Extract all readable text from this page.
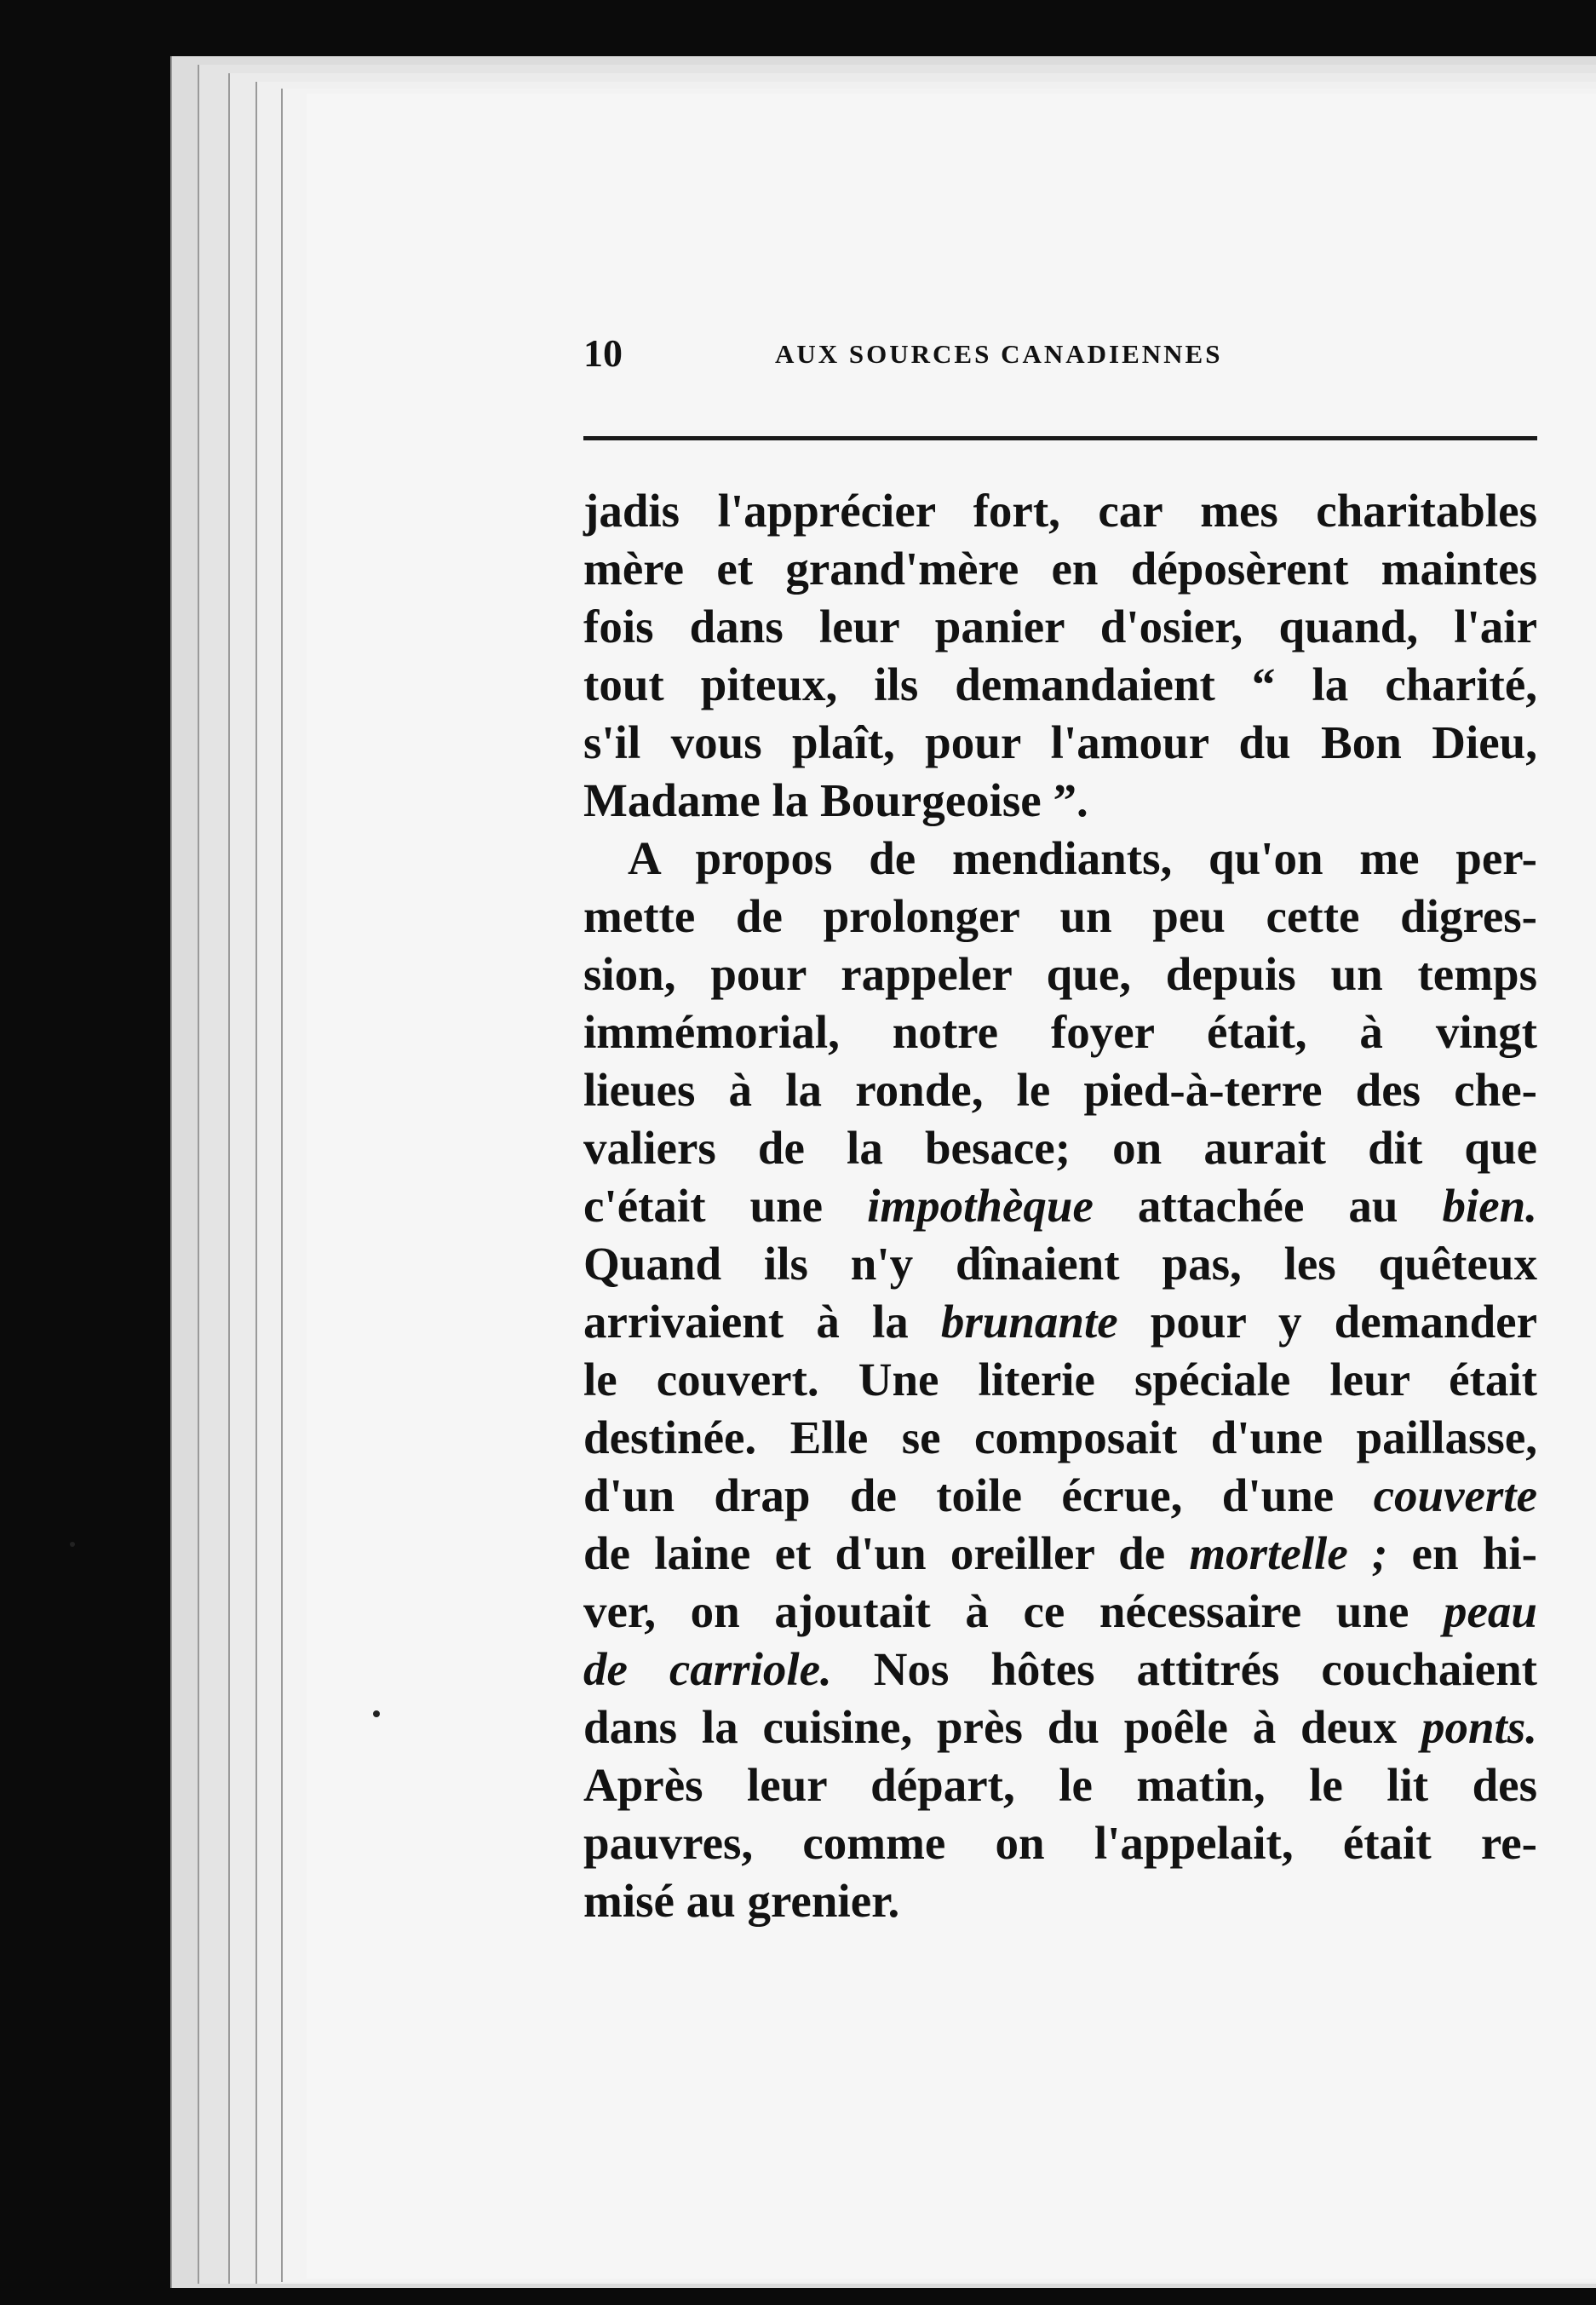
10	AUX SOURCES CANADIENNES
jadis l'apprécier fort, car mes charitables
mère et grand'mère en déposèrent maintes
fois dans leur panier d'osier, quand, l'air
tout piteux, ils demandaient “ la charité,
s'il vous plaît, pour l'amour du Bon Dieu,
Madame la Bourgeoise ”.
A propos de mendiants, qu'on me per-
mette de prolonger un peu cette digres-
sion, pour rappeler que, depuis un temps
immémorial, notre foyer était, à vingt
lieues à la ronde, le pied-à-terre des che-
valiers de la besace; on aurait dit que
c'était une impothèque attachée au bien.
Quand ils n'y dînaient pas, les quêteux
arrivaient à la brunante pour y demander
le couvert. Une literie spéciale leur était
destinée. Elle se composait d'une paillasse,
d'un drap de toile écrue, d'une couverte
de laine et d'un oreiller de mortelle ; en hi-
ver, on ajoutait à ce nécessaire une peau
de carriole. Nos hôtes attitrés couchaient
dans la cuisine, près du poêle à deux ponts.
Après leur départ, le matin, le lit des
pauvres, comme on l'appelait, était re-
misé au grenier.
